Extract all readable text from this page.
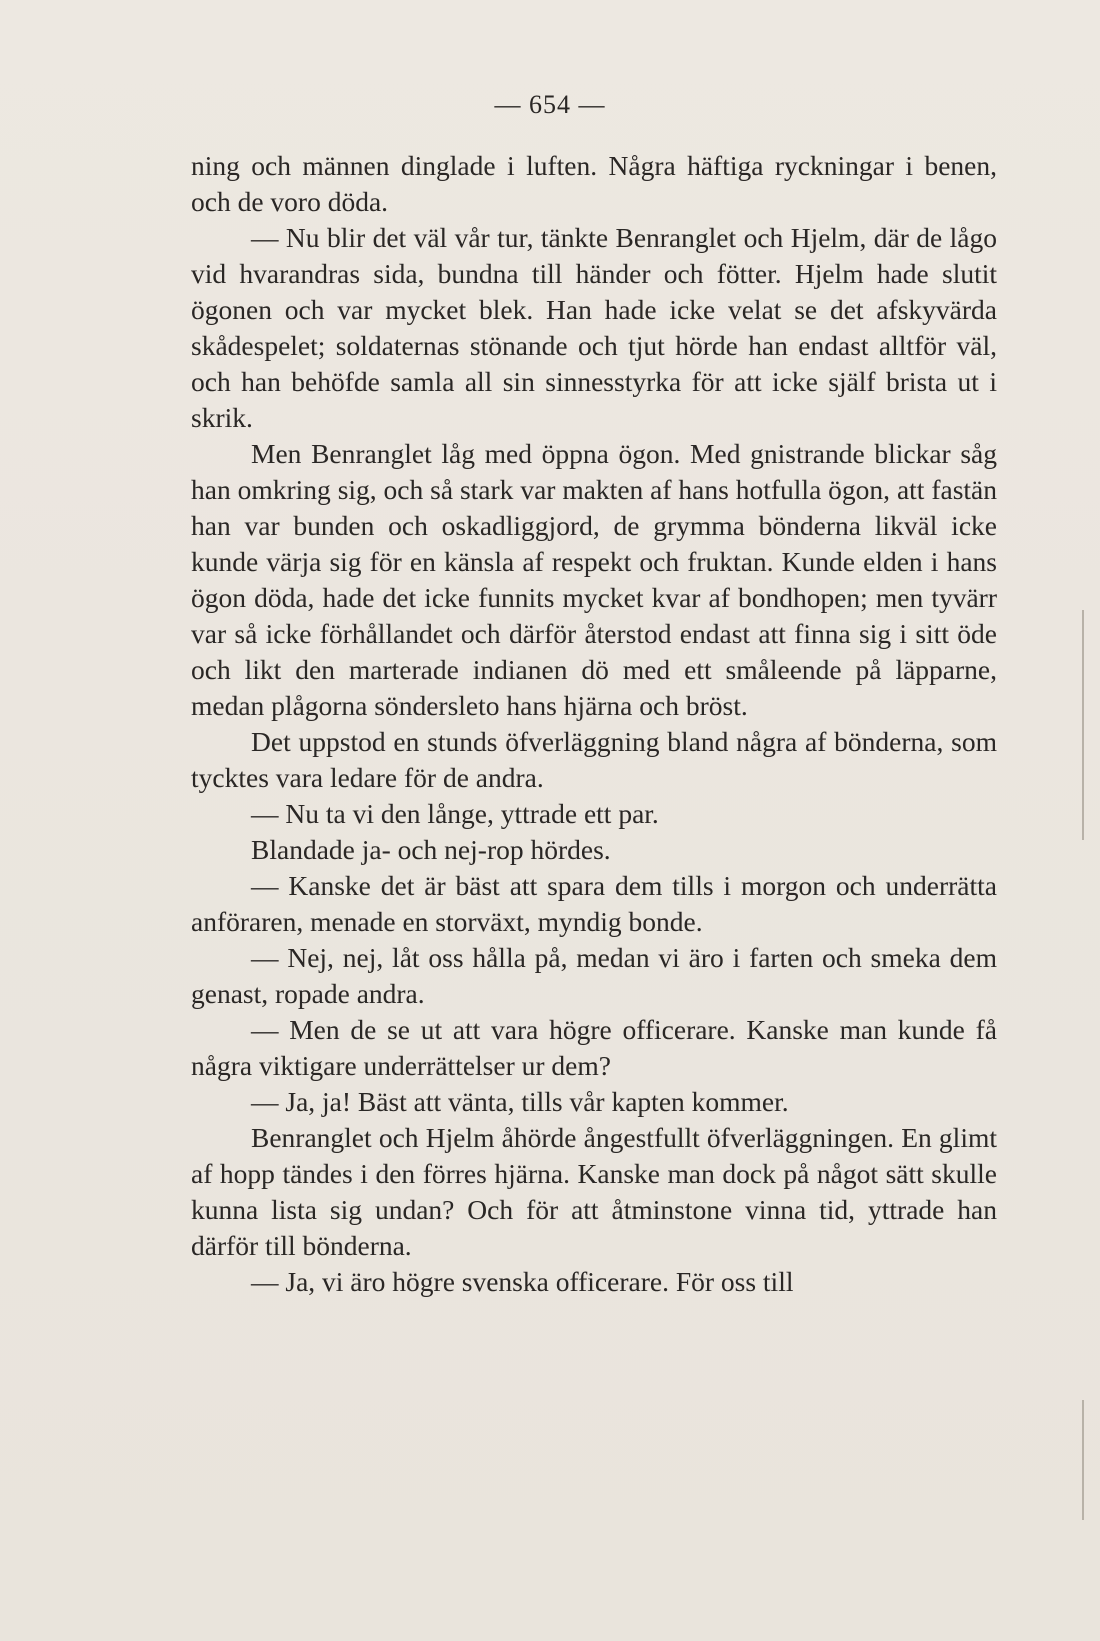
— 654 —

ning och männen dinglade i luften. Några häftiga ryckningar i benen, och de voro döda.

— Nu blir det väl vår tur, tänkte Benranglet och Hjelm, där de lågo vid hvarandras sida, bundna till händer och fötter. Hjelm hade slutit ögonen och var mycket blek. Han hade icke velat se det afskyvärda skådespelet; soldaternas stönande och tjut hörde han endast alltför väl, och han behöfde samla all sin sinnesstyrka för att icke själf brista ut i skrik.

Men Benranglet låg med öppna ögon. Med gnistrande blickar såg han omkring sig, och så stark var makten af hans hotfulla ögon, att fastän han var bunden och oskadliggjord, de grymma bönderna likväl icke kunde värja sig för en känsla af respekt och fruktan. Kunde elden i hans ögon döda, hade det icke funnits mycket kvar af bondhopen; men tyvärr var så icke förhållandet och därför återstod endast att finna sig i sitt öde och likt den marterade indianen dö med ett småleende på läpparne, medan plågorna söndersleto hans hjärna och bröst.

Det uppstod en stunds öfverläggning bland några af bönderna, som tycktes vara ledare för de andra.

— Nu ta vi den långe, yttrade ett par.

Blandade ja- och nej-rop hördes.

— Kanske det är bäst att spara dem tills i morgon och underrätta anföraren, menade en storväxt, myndig bonde.

— Nej, nej, låt oss hålla på, medan vi äro i farten och smeka dem genast, ropade andra.

— Men de se ut att vara högre officerare. Kanske man kunde få några viktigare underrättelser ur dem?

— Ja, ja! Bäst att vänta, tills vår kapten kommer.

Benranglet och Hjelm åhörde ångestfullt öfverläggningen. En glimt af hopp tändes i den förres hjärna. Kanske man dock på något sätt skulle kunna lista sig undan? Och för att åtminstone vinna tid, yttrade han därför till bönderna.

— Ja, vi äro högre svenska officerare. För oss till
